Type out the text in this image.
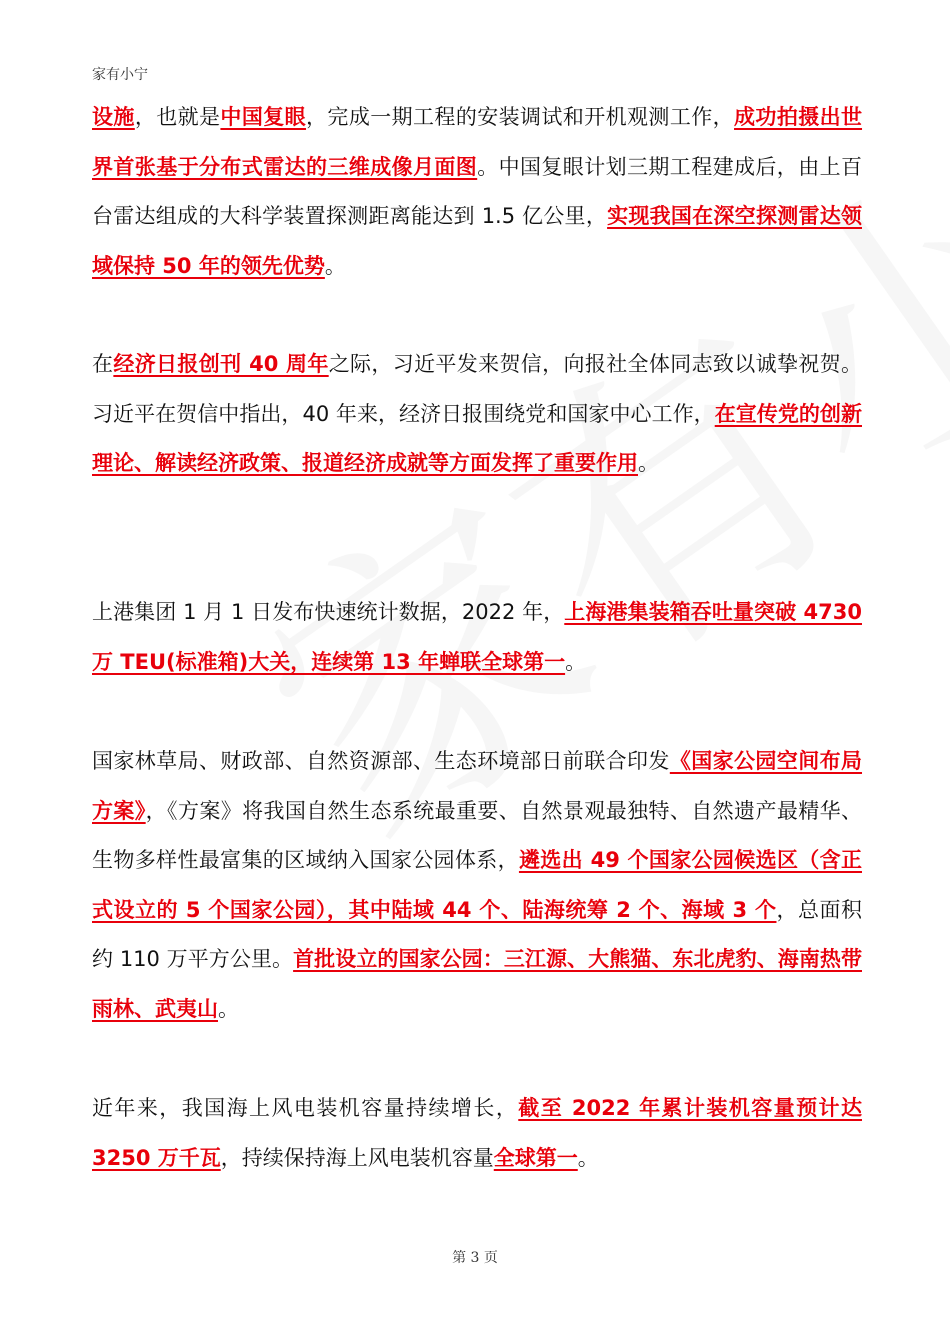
家有小宁

设施，也就是中国复眼，完成一期工程的安装调试和开机观测工作，成功拍摄出世界首张基于分布式雷达的三维成像月面图。中国复眼计划三期工程建成后，由上百台雷达组成的大科学装置探测距离能达到 1.5 亿公里，实现我国在深空探测雷达领域保持 50 年的领先优势。

在经济日报创刊 40 周年之际，习近平发来贺信，向报社全体同志致以诚挚祝贺。习近平在贺信中指出，40 年来，经济日报围绕党和国家中心工作，在宣传党的创新理论、解读经济政策、报道经济成就等方面发挥了重要作用。

上港集团 1 月 1 日发布快速统计数据，2022 年，上海港集装箱吞吐量突破 4730 万 TEU(标准箱)大关，连续第 13 年蝉联全球第一。

国家林草局、财政部、自然资源部、生态环境部日前联合印发《国家公园空间布局方案》，《方案》将我国自然生态系统最重要、自然景观最独特、自然遗产最精华、生物多样性最富集的区域纳入国家公园体系，遴选出 49 个国家公园候选区（含正式设立的 5 个国家公园），其中陆域 44 个、陆海统筹 2 个、海域 3 个，总面积约 110 万平方公里。首批设立的国家公园：三江源、大熊猫、东北虎豹、海南热带雨林、武夷山。

近年来，我国海上风电装机容量持续增长，截至 2022 年累计装机容量预计达 3250 万千瓦，持续保持海上风电装机容量全球第一。

第 3 页
